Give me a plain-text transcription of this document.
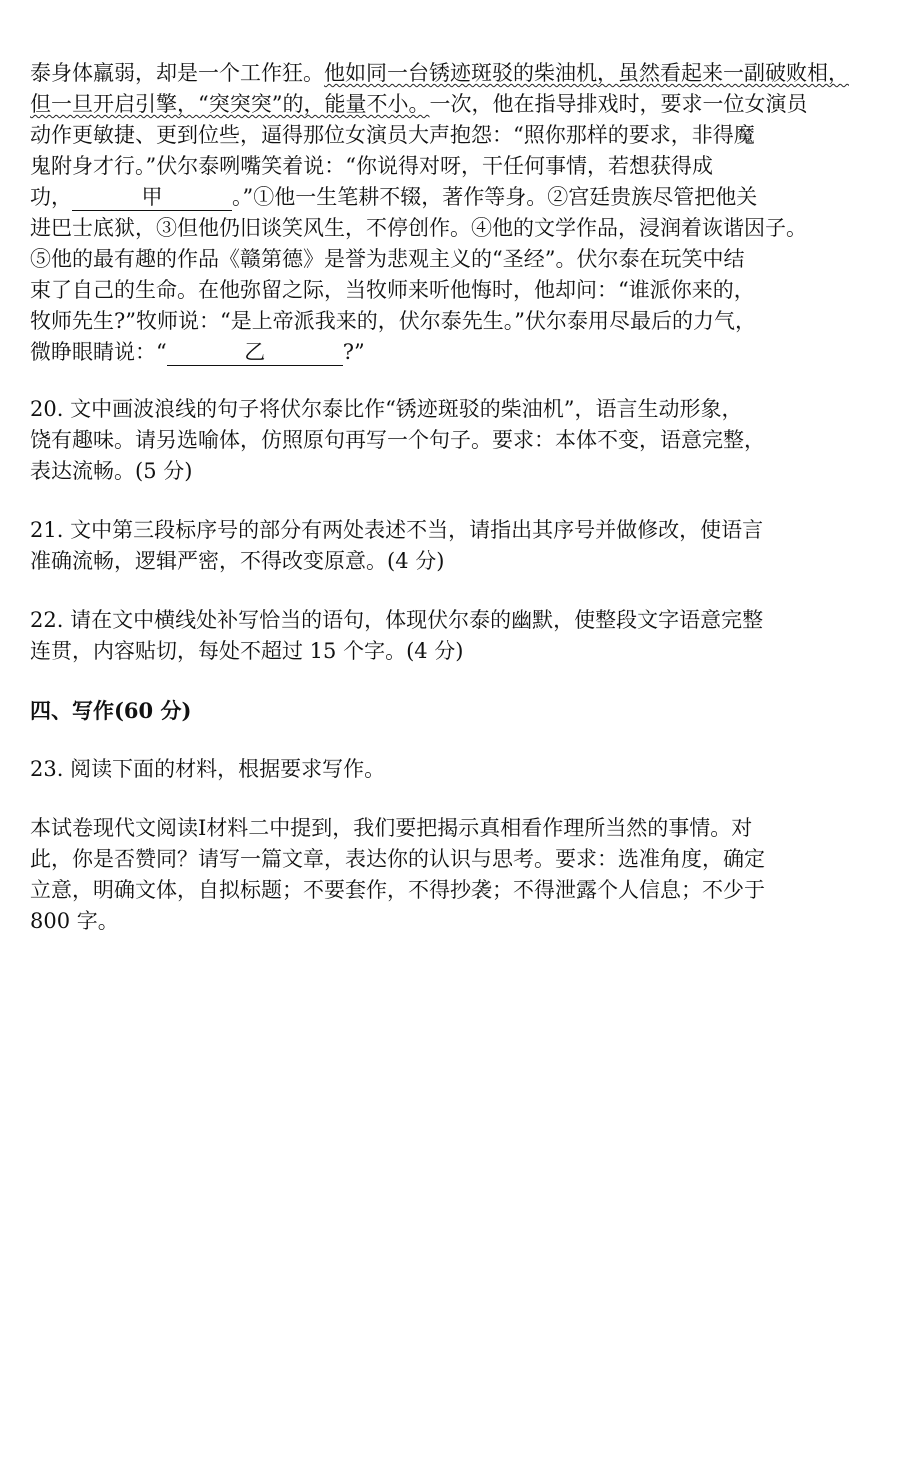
泰身体羸弱，却是一个工作狂。他如同一台锈迹斑驳的柴油机，虽然看起来一副破败相，
但一旦开启引擎，“突突突”的，能量不小。一次，他在指导排戏时，要求一位女演员
动作更敏捷、更到位些，逼得那位女演员大声抱怨：“照你那样的要求，非得魔
鬼附身才行。”伏尔泰咧嘴笑着说：“你说得对呀，干任何事情，若想获得成
功，	甲	。”①他一生笔耕不辍，著作等身。②宫廷贵族尽管把他关
进巴士底狱，③但他仍旧谈笑风生，不停创作。④他的文学作品，浸润着诙谐因子。
⑤他的最有趣的作品《赣第德》是誉为悲观主义的“圣经”。伏尔泰在玩笑中结
束了自己的生命。在他弥留之际，当牧师来听他悔时，他却问：“谁派你来的，
牧师先生?”牧师说：“是上帝派我来的，伏尔泰先生。”伏尔泰用尽最后的力气，
微睁眼睛说：“	乙	?”
20. 文中画波浪线的句子将伏尔泰比作“锈迹斑驳的柴油机”，语言生动形象，
饶有趣味。请另选喻体，仿照原句再写一个句子。要求：本体不变，语意完整，
表达流畅。(5 分)
21. 文中第三段标序号的部分有两处表述不当，请指出其序号并做修改，使语言
准确流畅，逻辑严密，不得改变原意。(4 分)
22. 请在文中横线处补写恰当的语句，体现伏尔泰的幽默，使整段文字语意完整
连贯，内容贴切，每处不超过 15 个字。(4 分)
四、写作(60 分)
23. 阅读下面的材料，根据要求写作。
本试卷现代文阅读Ⅰ材料二中提到，我们要把揭示真相看作理所当然的事情。对
此，你是否赞同？请写一篇文章，表达你的认识与思考。要求：选准角度，确定
立意，明确文体，自拟标题；不要套作，不得抄袭；不得泄露个人信息；不少于
800 字。
